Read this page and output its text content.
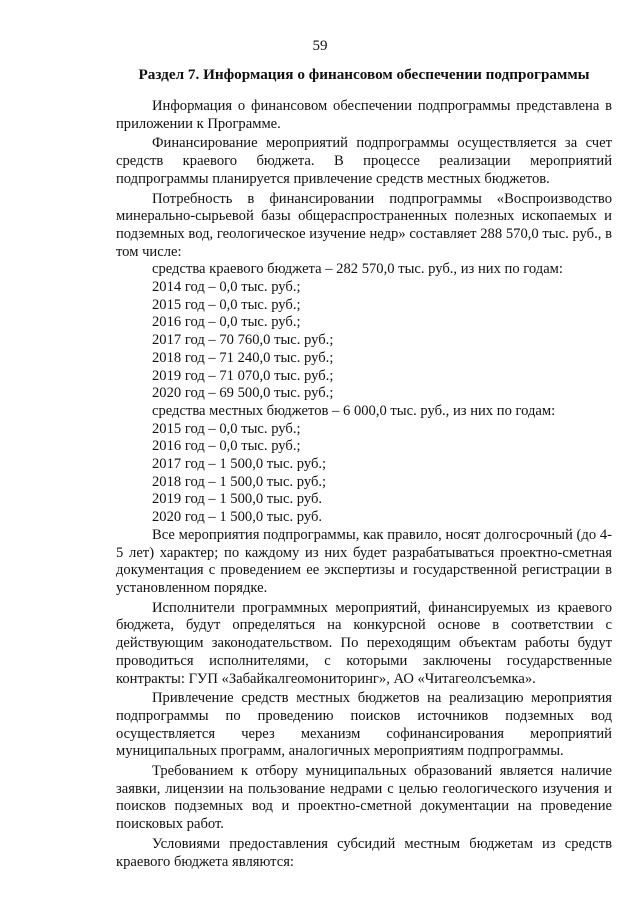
59
Раздел 7. Информация о финансовом обеспечении подпрограммы

Информация о финансовом обеспечении подпрограммы представлена в приложении к Программе.

Финансирование мероприятий подпрограммы осуществляется за счет средств краевого бюджета. В процессе реализации мероприятий подпрограммы планируется привлечение средств местных бюджетов.

Потребность в финансировании подпрограммы «Воспроизводство минерально-сырьевой базы общераспространенных полезных ископаемых и подземных вод, геологическое изучение недр» составляет 288 570,0 тыс. руб., в том числе:

средства краевого бюджета – 282 570,0 тыс. руб., из них по годам:

2014 год – 0,0 тыс. руб.;

2015 год – 0,0 тыс. руб.;

2016 год – 0,0 тыс. руб.;

2017 год – 70 760,0 тыс. руб.;

2018 год – 71 240,0 тыс. руб.;

2019 год – 71 070,0 тыс. руб.;

2020 год – 69 500,0 тыс. руб.;

средства местных бюджетов – 6 000,0 тыс. руб., из них по годам:

2015 год – 0,0 тыс. руб.;

2016 год – 0,0 тыс. руб.;

2017 год – 1 500,0 тыс. руб.;

2018 год – 1 500,0 тыс. руб.;

2019 год – 1 500,0 тыс. руб.

2020 год – 1 500,0 тыс. руб.

Все мероприятия подпрограммы, как правило, носят долгосрочный (до 4-5 лет) характер; по каждому из них будет разрабатываться проектно-сметная документация с проведением ее экспертизы и государственной регистрации в установленном порядке.

Исполнители программных мероприятий, финансируемых из краевого бюджета, будут определяться на конкурсной основе в соответствии с действующим законодательством. По переходящим объектам работы будут проводиться исполнителями, с которыми заключены государственные контракты: ГУП «Забайкалгеомониторинг», АО «Читагеолсъемка».

Привлечение средств местных бюджетов на реализацию мероприятия подпрограммы по проведению поисков источников подземных вод осуществляется через механизм софинансирования мероприятий муниципальных программ, аналогичных мероприятиям подпрограммы.

Требованием к отбору муниципальных образований является наличие заявки, лицензии на пользование недрами с целью геологического изучения и поисков подземных вод и проектно-сметной документации на проведение поисковых работ.

Условиями предоставления субсидий местным бюджетам из средств краевого бюджета являются:
